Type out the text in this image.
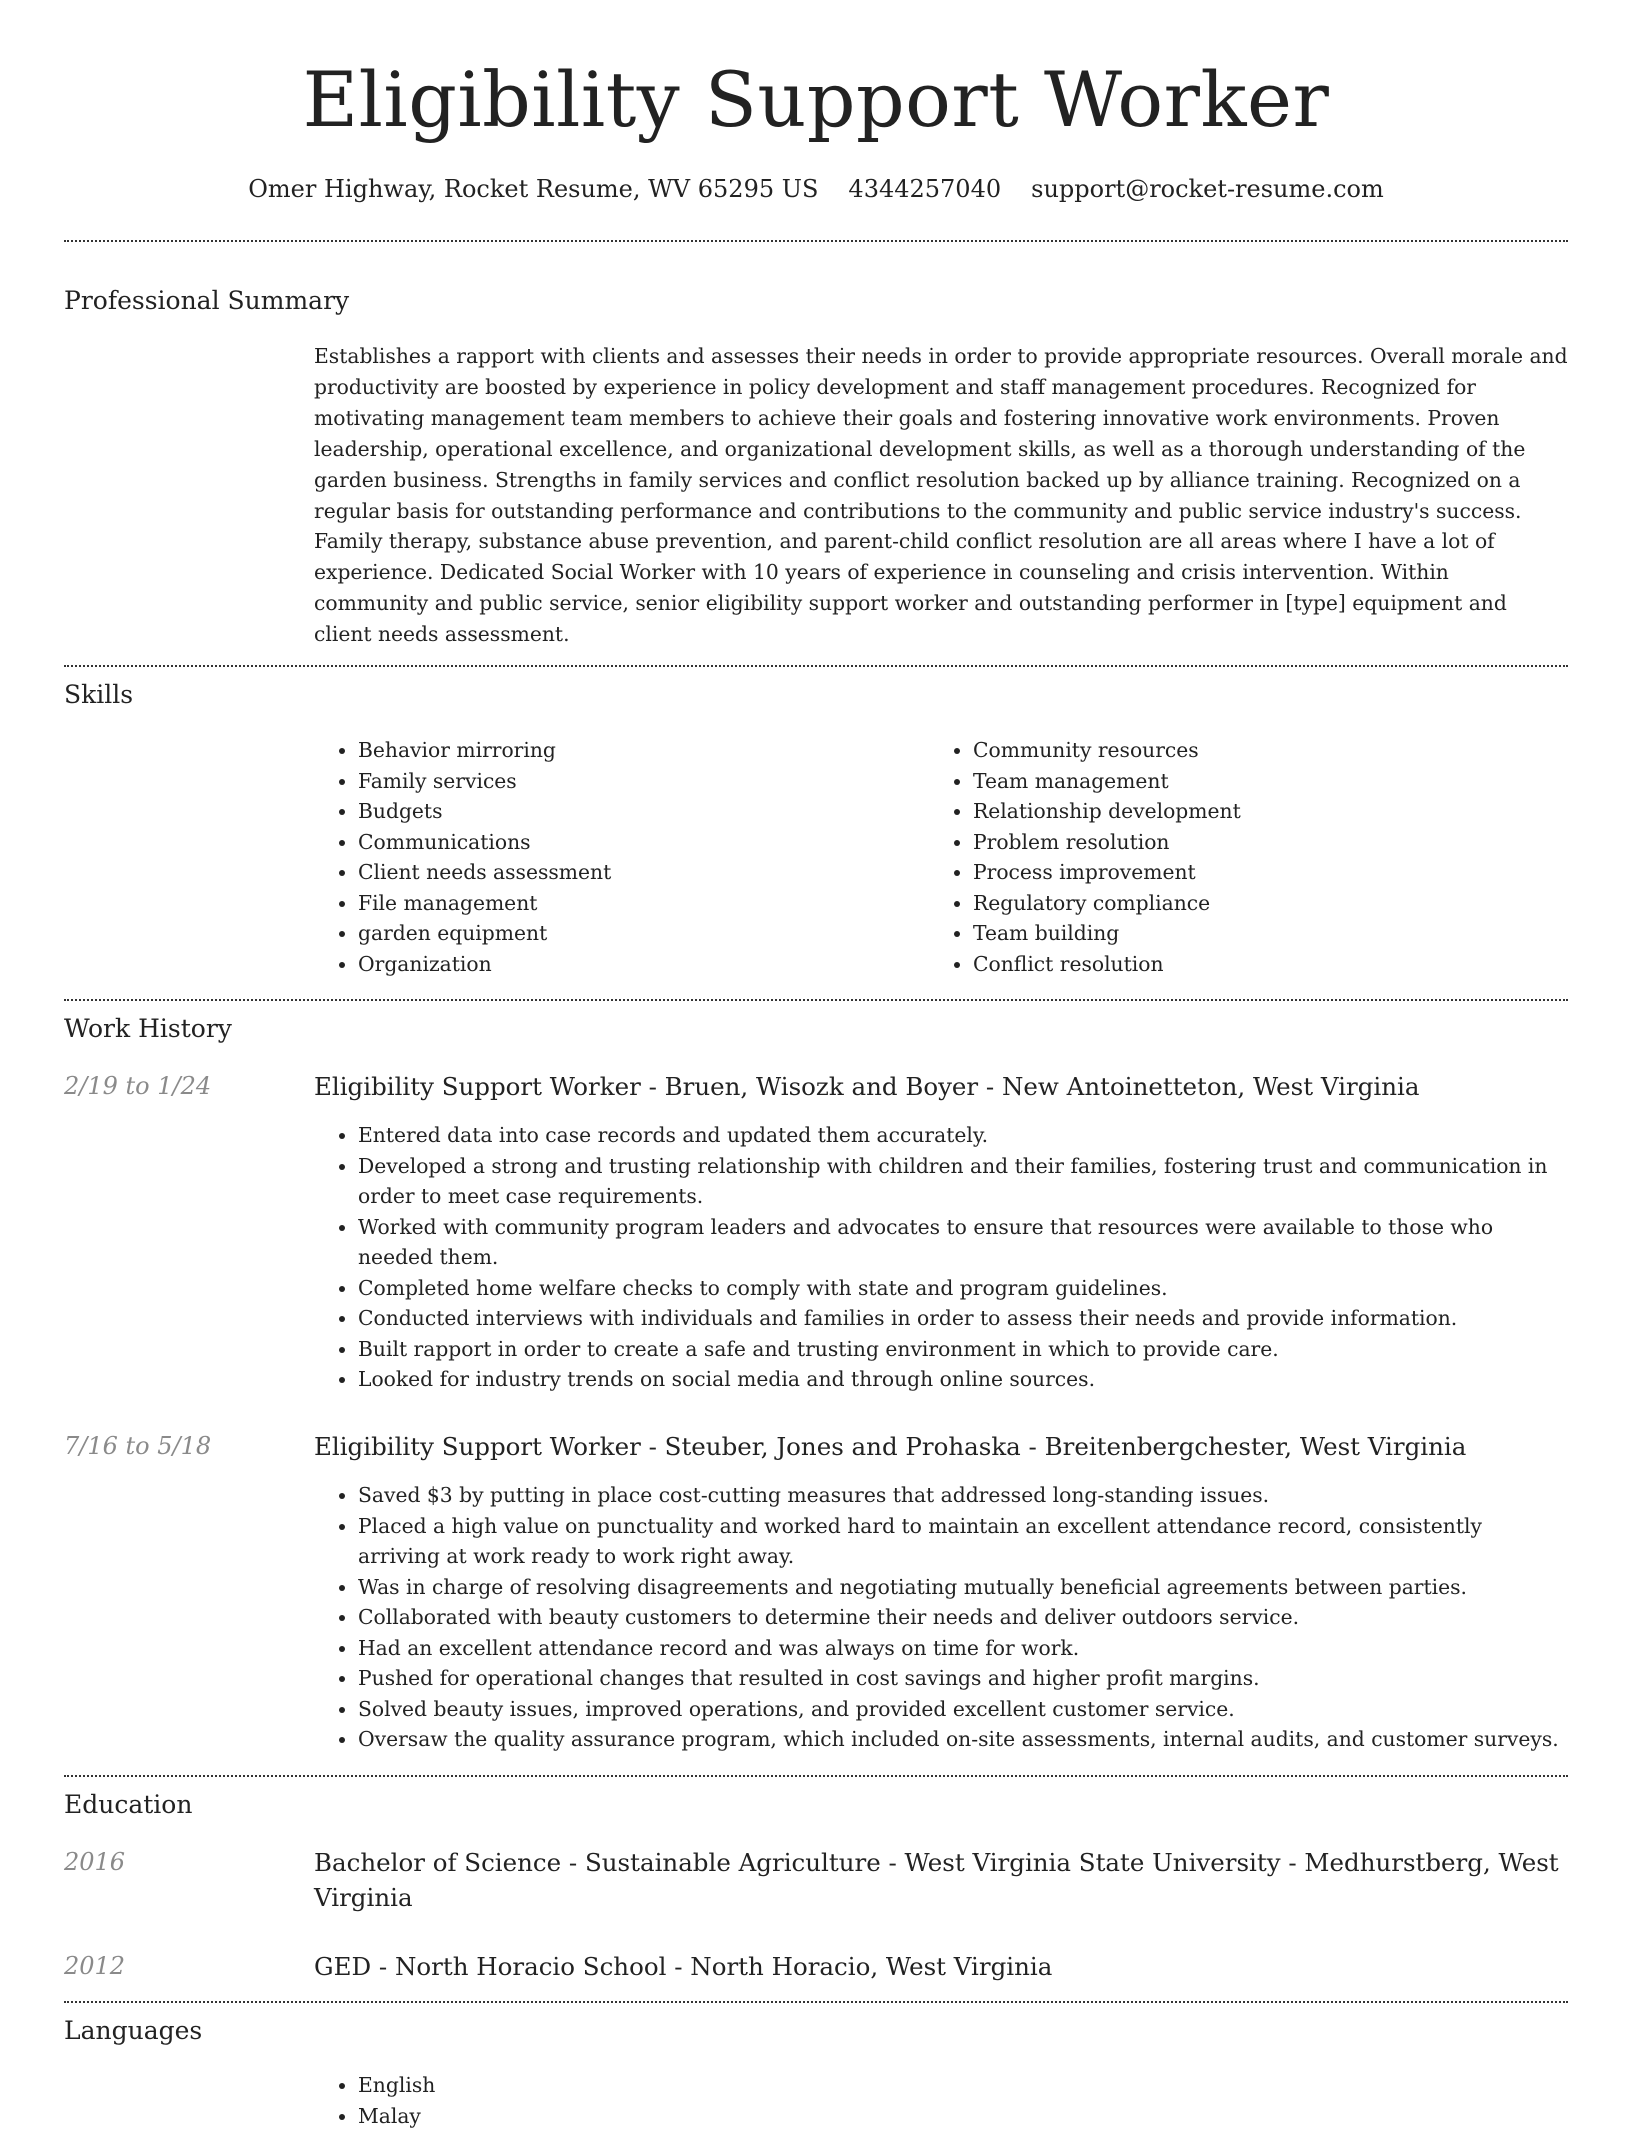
Eligibility Support Worker
Omer Highway, Rocket Resume, WV 65295 US 4344257040 support@rocket-resume.com
Professional Summary

Establishes a rapport with clients and assesses their needs in order to provide appropriate resources. Overall morale and productivity are boosted by experience in policy development and staff management procedures. Recognized for motivating management team members to achieve their goals and fostering innovative work environments. Proven leadership, operational excellence, and organizational development skills, as well as a thorough understanding of the garden business. Strengths in family services and conflict resolution backed up by alliance training. Recognized on a regular basis for outstanding performance and contributions to the community and public service industry's success. Family therapy, substance abuse prevention, and parent-child conflict resolution are all areas where I have a lot of experience. Dedicated Social Worker with 10 years of experience in counseling and crisis intervention. Within community and public service, senior eligibility support worker and outstanding performer in [type] equipment and client needs assessment.

Skills
• Behavior mirroring
• Family services
• Budgets
• Communications
• Client needs assessment
• File management
• garden equipment
• Organization
• Community resources
• Team management
• Relationship development
• Problem resolution
• Process improvement
• Regulatory compliance
• Team building
• Conflict resolution
Work History
2/19 to 1/24	Eligibility Support Worker - Bruen, Wisozk and Boyer - New Antoinetteton, West Virginia
• Entered data into case records and updated them accurately.
• Developed a strong and trusting relationship with children and their families, fostering trust and communication in order to meet case requirements.
• Worked with community program leaders and advocates to ensure that resources were available to those who needed them.
• Completed home welfare checks to comply with state and program guidelines.
• Conducted interviews with individuals and families in order to assess their needs and provide information.
• Built rapport in order to create a safe and trusting environment in which to provide care.
• Looked for industry trends on social media and through online sources.
7/16 to 5/18	Eligibility Support Worker - Steuber, Jones and Prohaska - Breitenbergchester, West Virginia
• Saved $3 by putting in place cost-cutting measures that addressed long-standing issues.
• Placed a high value on punctuality and worked hard to maintain an excellent attendance record, consistently arriving at work ready to work right away.
• Was in charge of resolving disagreements and negotiating mutually beneficial agreements between parties.
• Collaborated with beauty customers to determine their needs and deliver outdoors service.
• Had an excellent attendance record and was always on time for work.
• Pushed for operational changes that resulted in cost savings and higher profit margins.
• Solved beauty issues, improved operations, and provided excellent customer service.
• Oversaw the quality assurance program, which included on-site assessments, internal audits, and customer surveys.
Education
2016	Bachelor of Science - Sustainable Agriculture - West Virginia State University - Medhurstberg, West Virginia
2012	GED - North Horacio School - North Horacio, West Virginia
Languages
• English
• Malay
